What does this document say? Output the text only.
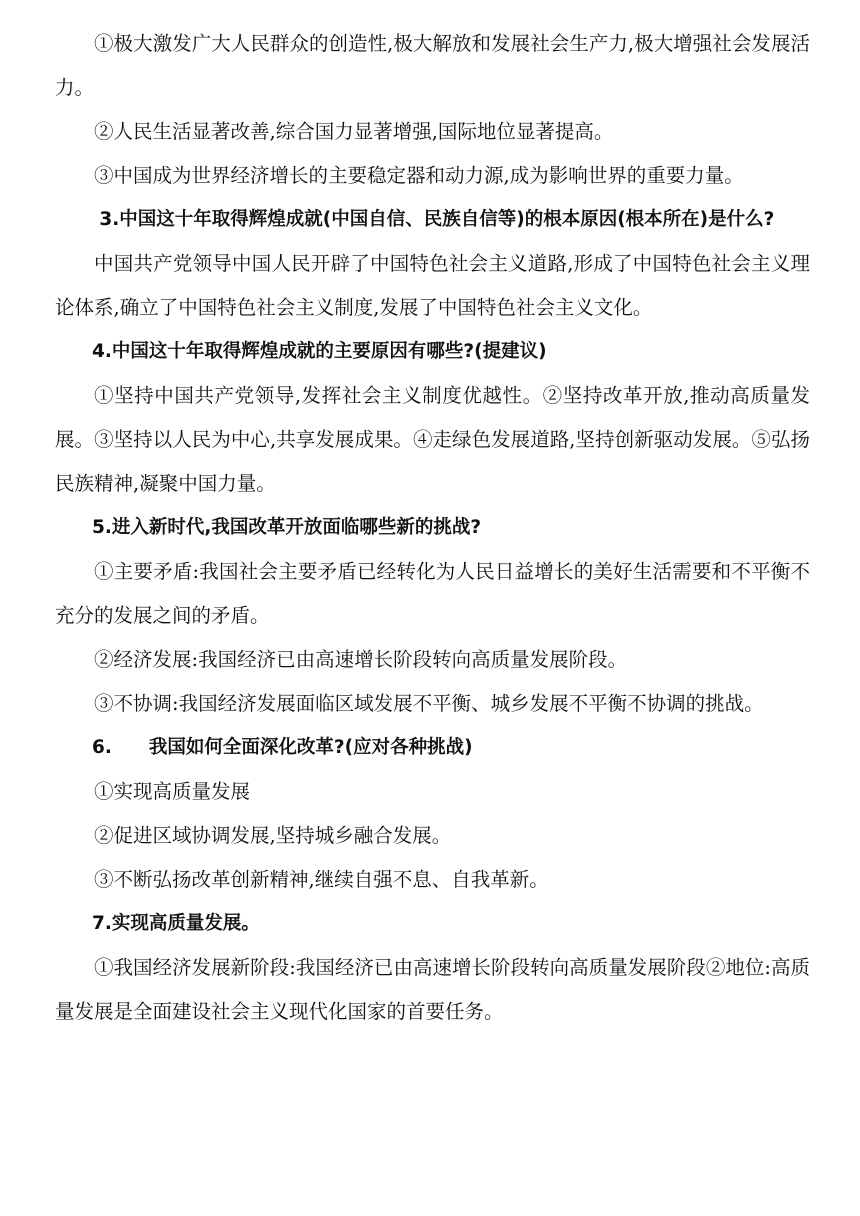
①极大激发广大人民群众的创造性,极大解放和发展社会生产力,极大增强社会发展活力。

②人民生活显著改善,综合国力显著增强,国际地位显著提高。

③中国成为世界经济增长的主要稳定器和动力源,成为影响世界的重要力量。

3.中国这十年取得辉煌成就(中国自信、民族自信等)的根本原因(根本所在)是什么?

中国共产党领导中国人民开辟了中国特色社会主义道路,形成了中国特色社会主义理论体系,确立了中国特色社会主义制度,发展了中国特色社会主义文化。

4.中国这十年取得辉煌成就的主要原因有哪些?(提建议)

①坚持中国共产党领导,发挥社会主义制度优越性。②坚持改革开放,推动高质量发展。③坚持以人民为中心,共享发展成果。④走绿色发展道路,坚持创新驱动发展。⑤弘扬民族精神,凝聚中国力量。

5.进入新时代,我国改革开放面临哪些新的挑战?

①主要矛盾:我国社会主要矛盾已经转化为人民日益增长的美好生活需要和不平衡不充分的发展之间的矛盾。

②经济发展:我国经济已由高速增长阶段转向高质量发展阶段。

③不协调:我国经济发展面临区域发展不平衡、城乡发展不平衡不协调的挑战。

6.　　我国如何全面深化改革?(应对各种挑战)

①实现高质量发展

②促进区域协调发展,坚持城乡融合发展。

③不断弘扬改革创新精神,继续自强不息、自我革新。

7.实现高质量发展。

①我国经济发展新阶段:我国经济已由高速增长阶段转向高质量发展阶段②地位:高质量发展是全面建设社会主义现代化国家的首要任务。
